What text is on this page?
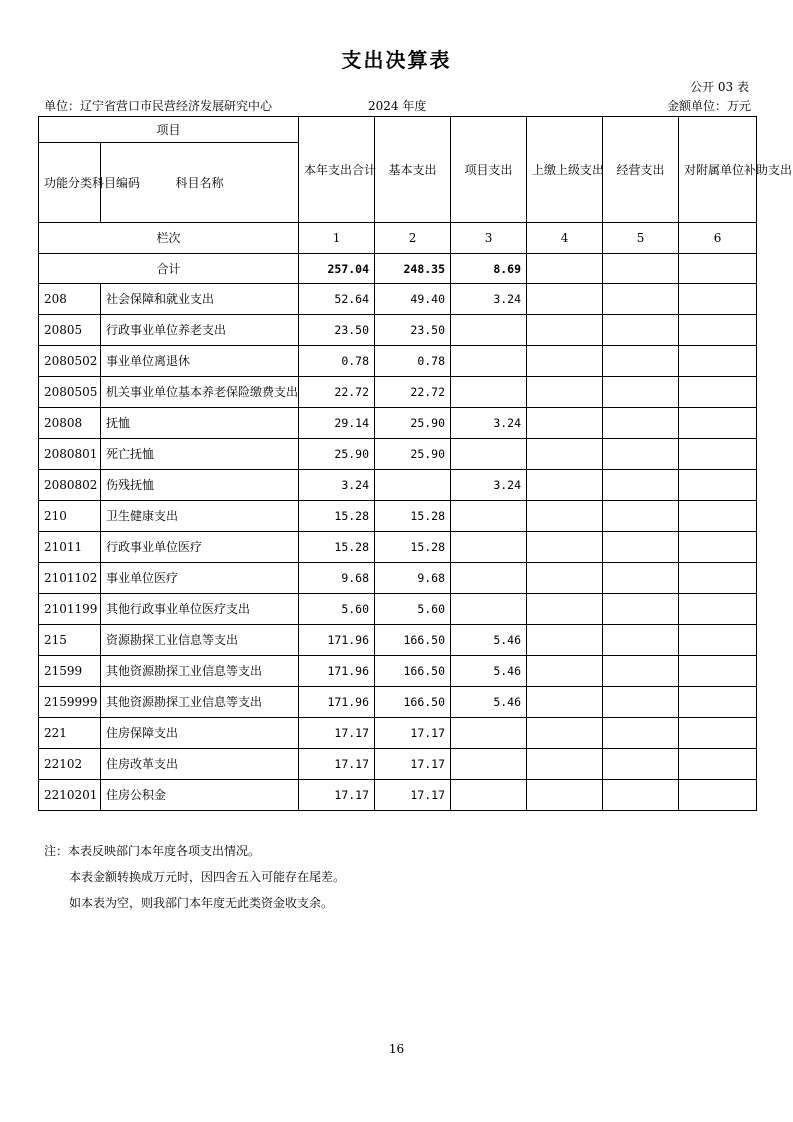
支出决算表
公开 03 表
单位：辽宁省营口市民营经济发展研究中心	2024 年度	金额单位：万元
项目		本年支出合计	基本支出	项目支出	上缴上级支出	经营支出	对附属单位补助支出
功能分类科目编码	科目名称						
栏次		1	2	3	4	5	6
合计		257.04	248.35	8.69			
208	社会保障和就业支出	52.64	49.40	3.24			
20805	行政事业单位养老支出	23.50	23.50				
2080502	事业单位离退休	0.78	0.78				
2080505	机关事业单位基本养老保险缴费支出	22.72	22.72				
20808	抚恤	29.14	25.90	3.24			
2080801	死亡抚恤	25.90	25.90				
2080802	伤残抚恤	3.24		3.24			
210	卫生健康支出	15.28	15.28				
21011	行政事业单位医疗	15.28	15.28				
2101102	事业单位医疗	9.68	9.68				
2101199	其他行政事业单位医疗支出	5.60	5.60				
215	资源勘探工业信息等支出	171.96	166.50	5.46			
21599	其他资源勘探工业信息等支出	171.96	166.50	5.46			
2159999	其他资源勘探工业信息等支出	171.96	166.50	5.46			
221	住房保障支出	17.17	17.17				
22102	住房改革支出	17.17	17.17				
2210201	住房公积金	17.17	17.17				
注：本表反映部门本年度各项支出情况。
本表金额转换成万元时，因四舍五入可能存在尾差。
如本表为空，则我部门本年度无此类资金收支余。
16
